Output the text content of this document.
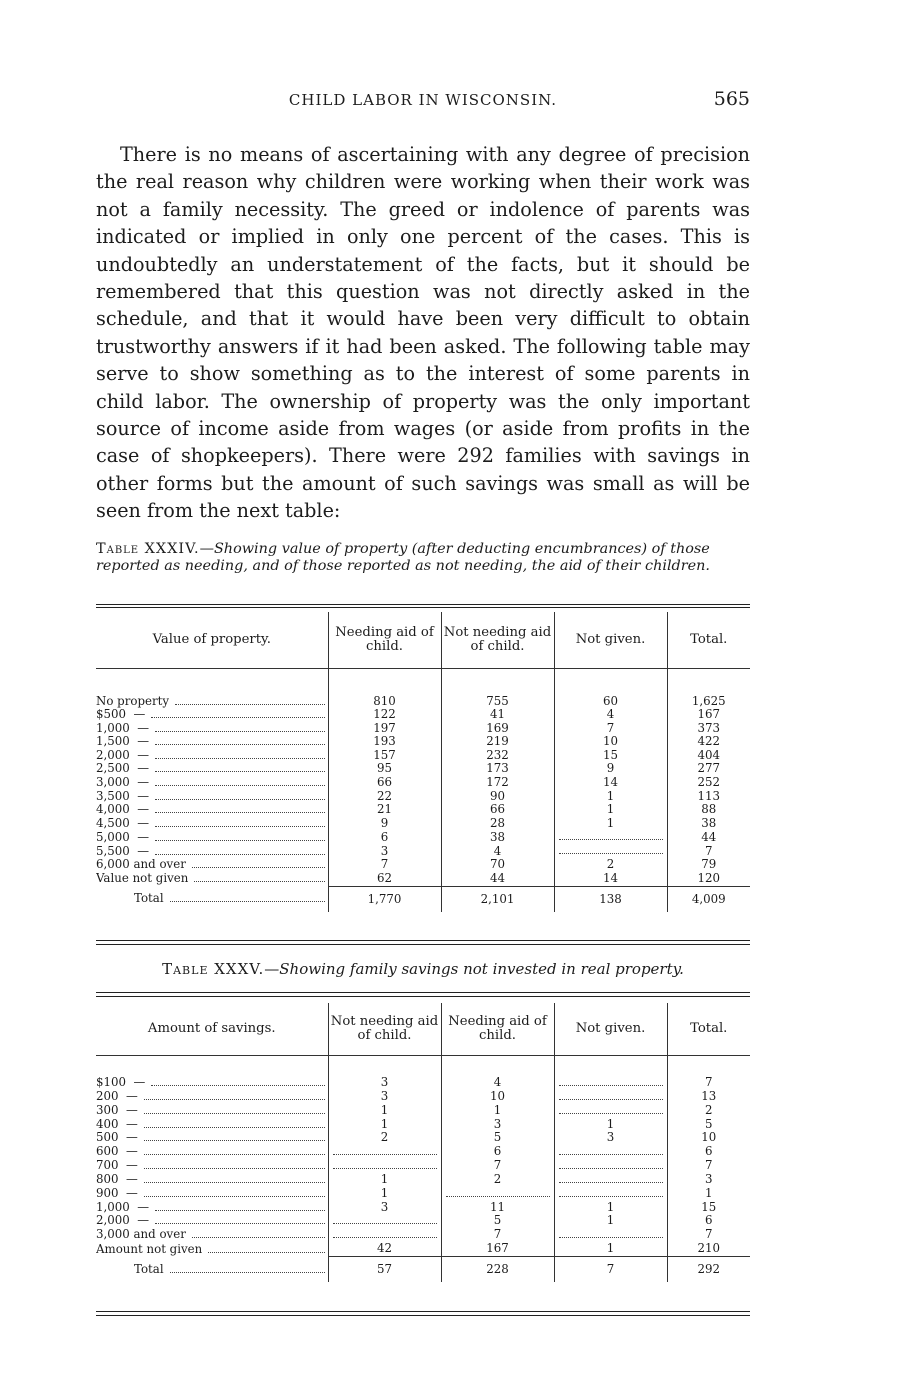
CHILD LABOR IN WISCONSIN.	565

There is no means of ascertaining with any degree of precision the real reason why children were working when their work was not a family necessity. The greed or indolence of parents was indicated or implied in only one percent of the cases. This is undoubtedly an understatement of the facts, but it should be remembered that this question was not directly asked in the schedule, and that it would have been very difficult to obtain trustworthy answers if it had been asked. The following table may serve to show something as to the interest of some parents in child labor. The ownership of property was the only important source of income aside from wages (or aside from profits in the case of shopkeepers). There were 292 families with savings in other forms but the amount of such savings was small as will be seen from the next table:

Table XXXIV.—Showing value of property (after deducting encumbrances) of those reported as needing, and of those reported as not needing, the aid of their children.
Value of property.	Needing aid of child.	Not needing aid of child.	Not given.	Total.

No property	810	755	60	1,625

$500  —	122	41	4	167

1,000  —	197	169	7	373

1,500  —	193	219	10	422

2,000  —	157	232	15	404

2,500  —	95	173	9	277

3,000  —	66	172	14	252

3,500  —	22	90	1	113

4,000  —	21	66	1	88

4,500  —	9	28	1	38

5,000  —	6	38		44

5,500  —	3	4		7

6,000 and over	7	70	2	79

Value not given	62	44	14	120

Total	1,770	2,101	138	4,009
Table XXXV.—Showing family savings not invested in real property.
Amount of savings.	Not needing aid of child.	Needing aid of child.	Not given.	Total.

$100  —	3	4		7

200  —	3	10		13

300  —	1	1		2

400  —	1	3	1	5

500  —	2	5	3	10

600  —		6		6

700  —		7		7

800  —	1	2		3

900  —	1			1

1,000  —	3	11	1	15

2,000  —		5	1	6

3,000 and over		7		7

Amount not given	42	167	1	210

Total	57	228	7	292
